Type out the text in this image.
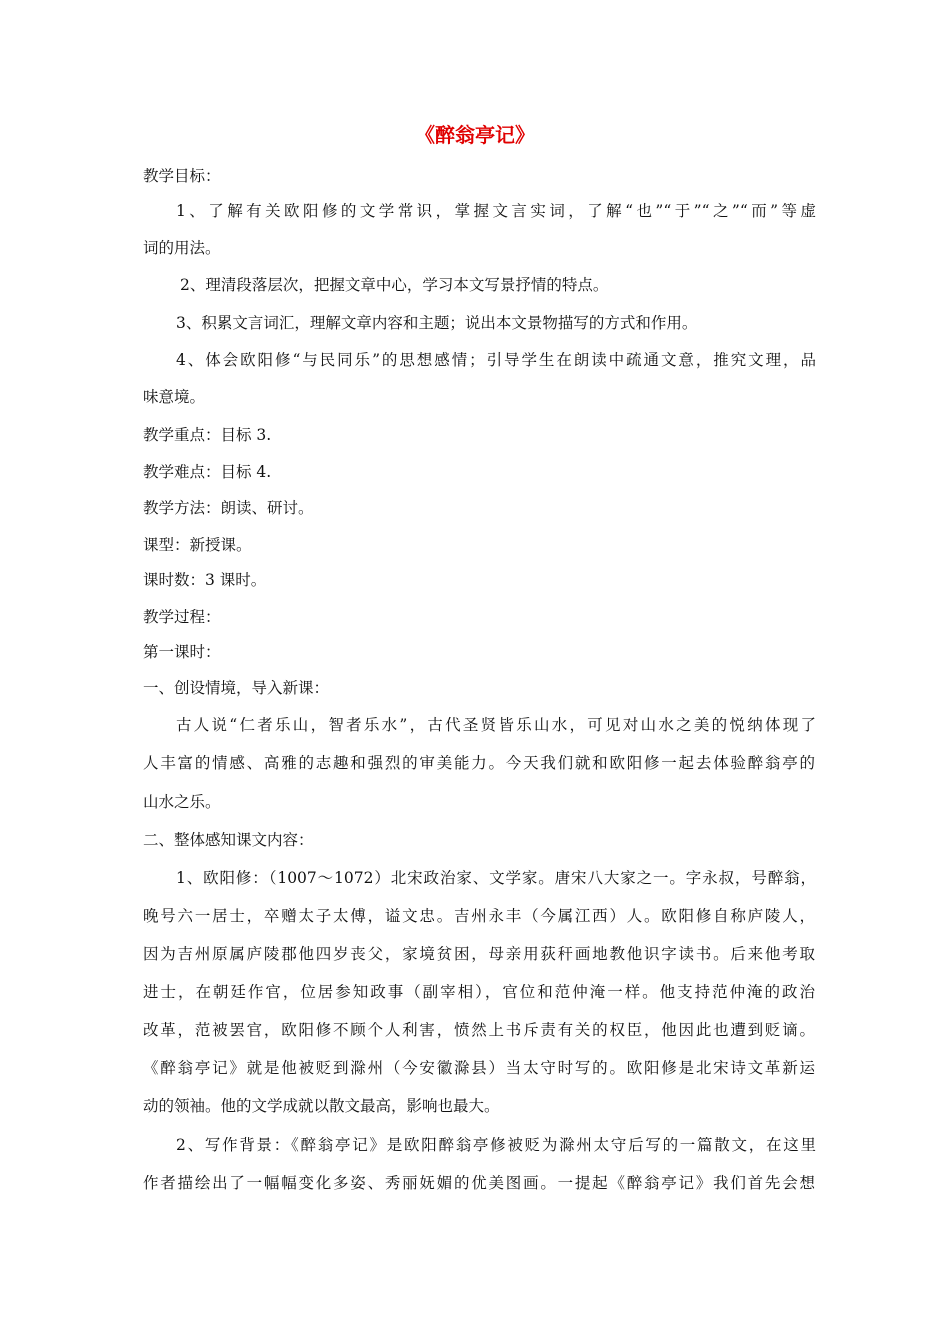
《醉翁亭记》
教学目标：
1、了解有关欧阳修的文学常识，掌握文言实词，了解“也”“于”“之”“而”等虚
词的用法。
2、理清段落层次，把握文章中心，学习本文写景抒情的特点。
3、积累文言词汇，理解文章内容和主题；说出本文景物描写的方式和作用。
4、体会欧阳修“与民同乐”的思想感情；引导学生在朗读中疏通文意，推究文理，品
味意境。
教学重点：目标 3.
教学难点：目标 4.
教学方法：朗读、研讨。
课型：新授课。
课时数：3 课时。
教学过程：
第一课时：
一、创设情境，导入新课：
古人说“仁者乐山，智者乐水”，古代圣贤皆乐山水，可见对山水之美的悦纳体现了
人丰富的情感、高雅的志趣和强烈的审美能力。今天我们就和欧阳修一起去体验醉翁亭的
山水之乐。
二、整体感知课文内容：
1、欧阳修：（1007～1072）北宋政治家、文学家。唐宋八大家之一。字永叔，号醉翁，
晚号六一居士，卒赠太子太傅，谥文忠。吉州永丰（今属江西）人。欧阳修自称庐陵人，
因为吉州原属庐陵郡他四岁丧父，家境贫困，母亲用荻秆画地教他识字读书。后来他考取
进士，在朝廷作官，位居参知政事（副宰相），官位和范仲淹一样。他支持范仲淹的政治
改革，范被罢官，欧阳修不顾个人利害，愤然上书斥责有关的权臣，他因此也遭到贬谪。
《醉翁亭记》就是他被贬到滁州（今安徽滁县）当太守时写的。欧阳修是北宋诗文革新运
动的领袖。他的文学成就以散文最高，影响也最大。
2、写作背景：《醉翁亭记》是欧阳醉翁亭修被贬为滁州太守后写的一篇散文，在这里
作者描绘出了一幅幅变化多姿、秀丽妩媚的优美图画。一提起《醉翁亭记》我们首先会想
